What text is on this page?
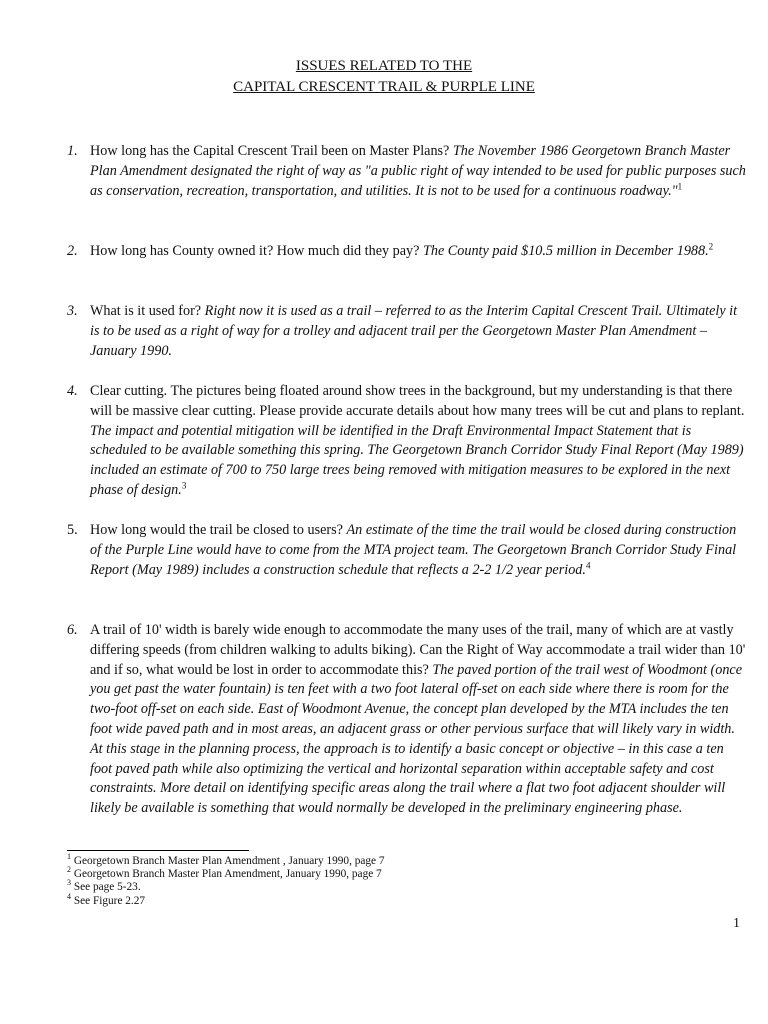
ISSUES RELATED TO THE
CAPITAL CRESCENT TRAIL & PURPLE LINE
1. How long has the Capital Crescent Trail been on Master Plans? The November 1986 Georgetown Branch Master Plan Amendment designated the right of way as "a public right of way intended to be used for public purposes such as conservation, recreation, transportation, and utilities. It is not to be used for a continuous roadway."$^1$
2. How long has County owned it? How much did they pay? The County paid $10.5 million in December 1988.$^2$
3. What is it used for? Right now it is used as a trail – referred to as the Interim Capital Crescent Trail. Ultimately it is to be used as a right of way for a trolley and adjacent trail per the Georgetown Master Plan Amendment – January 1990.
4. Clear cutting. The pictures being floated around show trees in the background, but my understanding is that there will be massive clear cutting. Please provide accurate details about how many trees will be cut and plans to replant. The impact and potential mitigation will be identified in the Draft Environmental Impact Statement that is scheduled to be available something this spring. The Georgetown Branch Corridor Study Final Report (May 1989) included an estimate of 700 to 750 large trees being removed with mitigation measures to be explored in the next phase of design.$^3$
5. How long would the trail be closed to users? An estimate of the time the trail would be closed during construction of the Purple Line would have to come from the MTA project team. The Georgetown Branch Corridor Study Final Report (May 1989) includes a construction schedule that reflects a 2-2 1/2 year period.$^4$
6. A trail of 10' width is barely wide enough to accommodate the many uses of the trail, many of which are at vastly differing speeds (from children walking to adults biking). Can the Right of Way accommodate a trail wider than 10' and if so, what would be lost in order to accommodate this? The paved portion of the trail west of Woodmont (once you get past the water fountain) is ten feet with a two foot lateral off-set on each side where there is room for the two-foot off-set on each side. East of Woodmont Avenue, the concept plan developed by the MTA includes the ten foot wide paved path and in most areas, an adjacent grass or other pervious surface that will likely vary in width. At this stage in the planning process, the approach is to identify a basic concept or objective – in this case a ten foot paved path while also optimizing the vertical and horizontal separation within acceptable safety and cost constraints. More detail on identifying specific areas along the trail where a flat two foot adjacent shoulder will likely be available is something that would normally be developed in the preliminary engineering phase.
$^1$ Georgetown Branch Master Plan Amendment , January 1990, page 7
$^2$ Georgetown Branch Master Plan Amendment, January 1990, page 7
$^3$ See page 5-23.
$^4$ See Figure 2.27
1
